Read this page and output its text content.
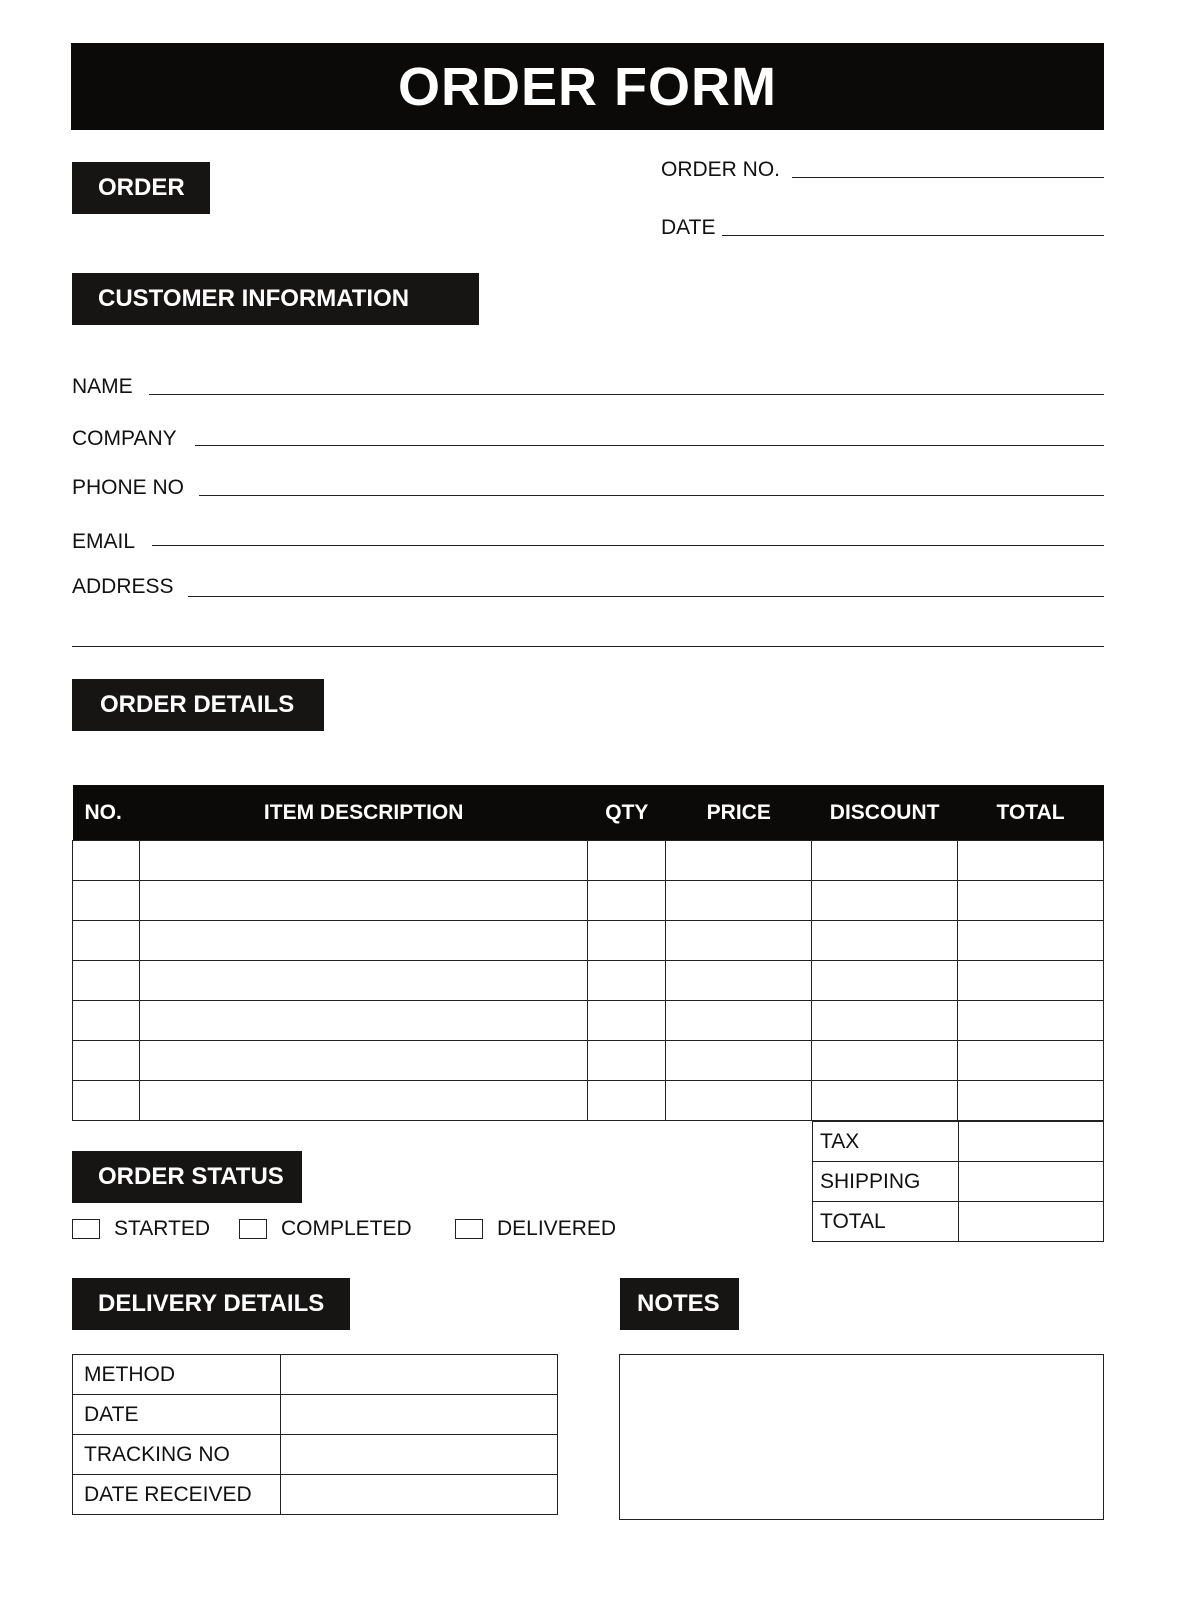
ORDER FORM
ORDER
ORDER NO.
DATE
CUSTOMER INFORMATION
NAME
COMPANY
PHONE NO
EMAIL
ADDRESS
ORDER DETAILS
NO.	ITEM DESCRIPTION	QTY	PRICE	DISCOUNT	TOTAL

TAX	
SHIPPING	
TOTAL	
ORDER STATUS
STARTED	COMPLETED	DELIVERED
DELIVERY DETAILS
METHOD	
DATE	
TRACKING NO	
DATE RECEIVED	
NOTES
